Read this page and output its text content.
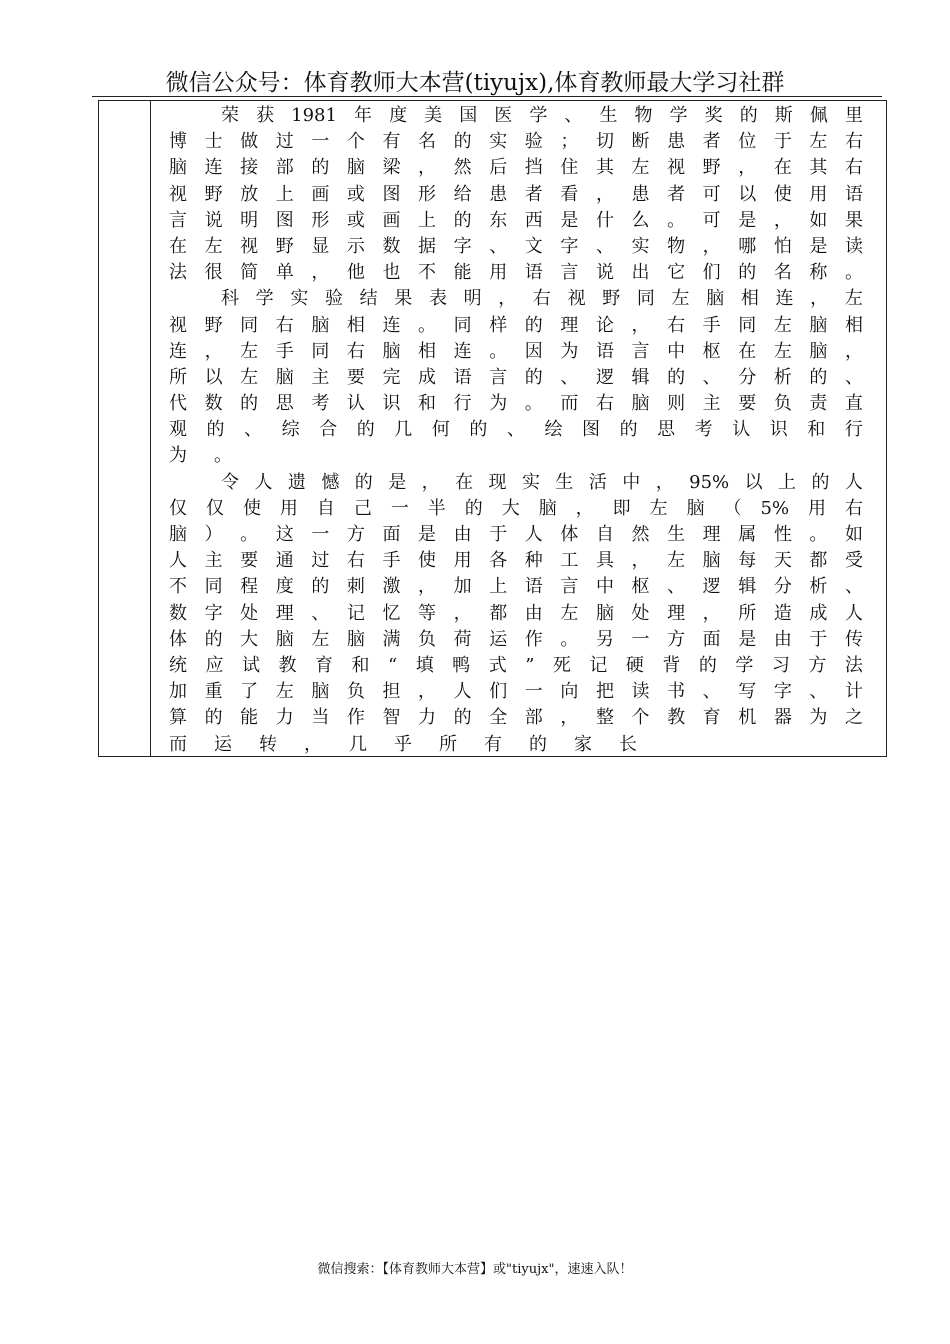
微信公众号：体育教师大本营(tiyujx),体育教师最大学习社群
荣 获 1981 年 度 美 国 医 学 、 生 物 学 奖 的 斯 佩 里
博 士 做 过 一 个 有 名 的 实 验 ； 切 断 患 者 位 于 左 右
脑 连 接 部 的 脑 梁 ， 然 后 挡 住 其 左 视 野 ， 在 其 右
视 野 放 上 画 或 图 形 给 患 者 看 ， 患 者 可 以 使 用 语
言 说 明 图 形 或 画 上 的 东 西 是 什 么 。 可 是 ， 如 果
在 左 视 野 显 示 数 据 字 、 文 字 、 实 物 ， 哪 怕 是 读
法 很 简 单 ， 他 也 不 能 用 语 言 说 出 它 们 的 名 称 。
科 学 实 验 结 果 表 明 ， 右 视 野 同 左 脑 相 连 ， 左
视 野 同 右 脑 相 连 。 同 样 的 理 论 ， 右 手 同 左 脑 相
连 ， 左 手 同 右 脑 相 连 。 因 为 语 言 中 枢 在 左 脑 ，
所 以 左 脑 主 要 完 成 语 言 的 、 逻 辑 的 、 分 析 的 、
代 数 的 思 考 认 识 和 行 为 。 而 右 脑 则 主 要 负 责 直
观 的 、 综 合 的 几 何 的 、 绘 图 的 思 考 认 识 和 行
为 。
令 人 遗 憾 的 是 ， 在 现 实 生 活 中 ， 95% 以 上 的 人
仅 仅 使 用 自 己 一 半 的 大 脑 ， 即 左 脑 （ 5% 用 右
脑 ） 。 这 一 方 面 是 由 于 人 体 自 然 生 理 属 性 。 如
人 主 要 通 过 右 手 使 用 各 种 工 具 ， 左 脑 每 天 都 受
不 同 程 度 的 刺 激 ， 加 上 语 言 中 枢 、 逻 辑 分 析 、
数 字 处 理 、 记 忆 等 ， 都 由 左 脑 处 理 ， 所 造 成 人
体 的 大 脑 左 脑 满 负 荷 运 作 。 另 一 方 面 是 由 于 传
统 应 试 教 育 和 “ 填 鸭 式 ” 死 记 硬 背 的 学 习 方 法
加 重 了 左 脑 负 担 ， 人 们 一 向 把 读 书 、 写 字 、 计
算 的 能 力 当 作 智 力 的 全 部 ， 整 个 教 育 机 器 为 之
而 运 转 ， 几 乎 所 有 的 家 长
微信搜索：【体育教师大本营】或"tiyujx"，速速入队！
